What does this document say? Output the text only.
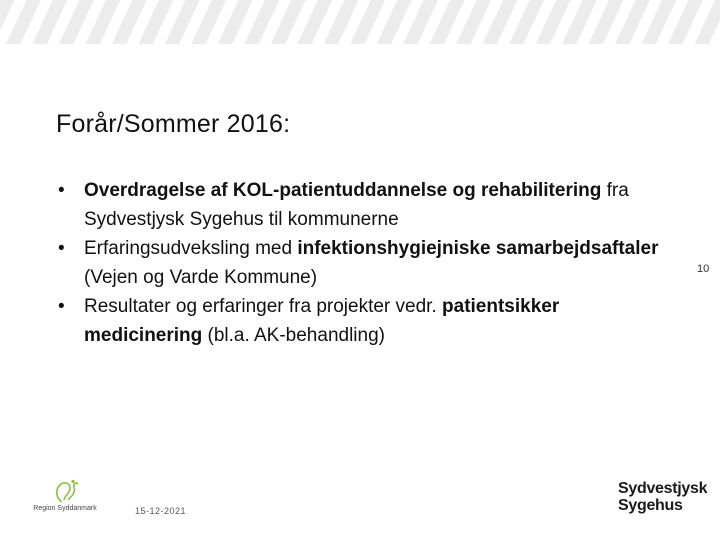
Forår/Sommer 2016:
• Overdragelse af KOL-patientuddannelse og rehabilitering fra Sydvestjysk Sygehus til kommunerne
• Erfaringsudveksling med infektionshygiejniske samarbejdsaftaler (Vejen og Varde Kommune)
• Resultater og erfaringer fra projekter vedr. patientsikker medicinering (bl.a. AK-behandling)
10
Region Syddanmark	15-12-2021
Sydvestjysk
Sygehus
